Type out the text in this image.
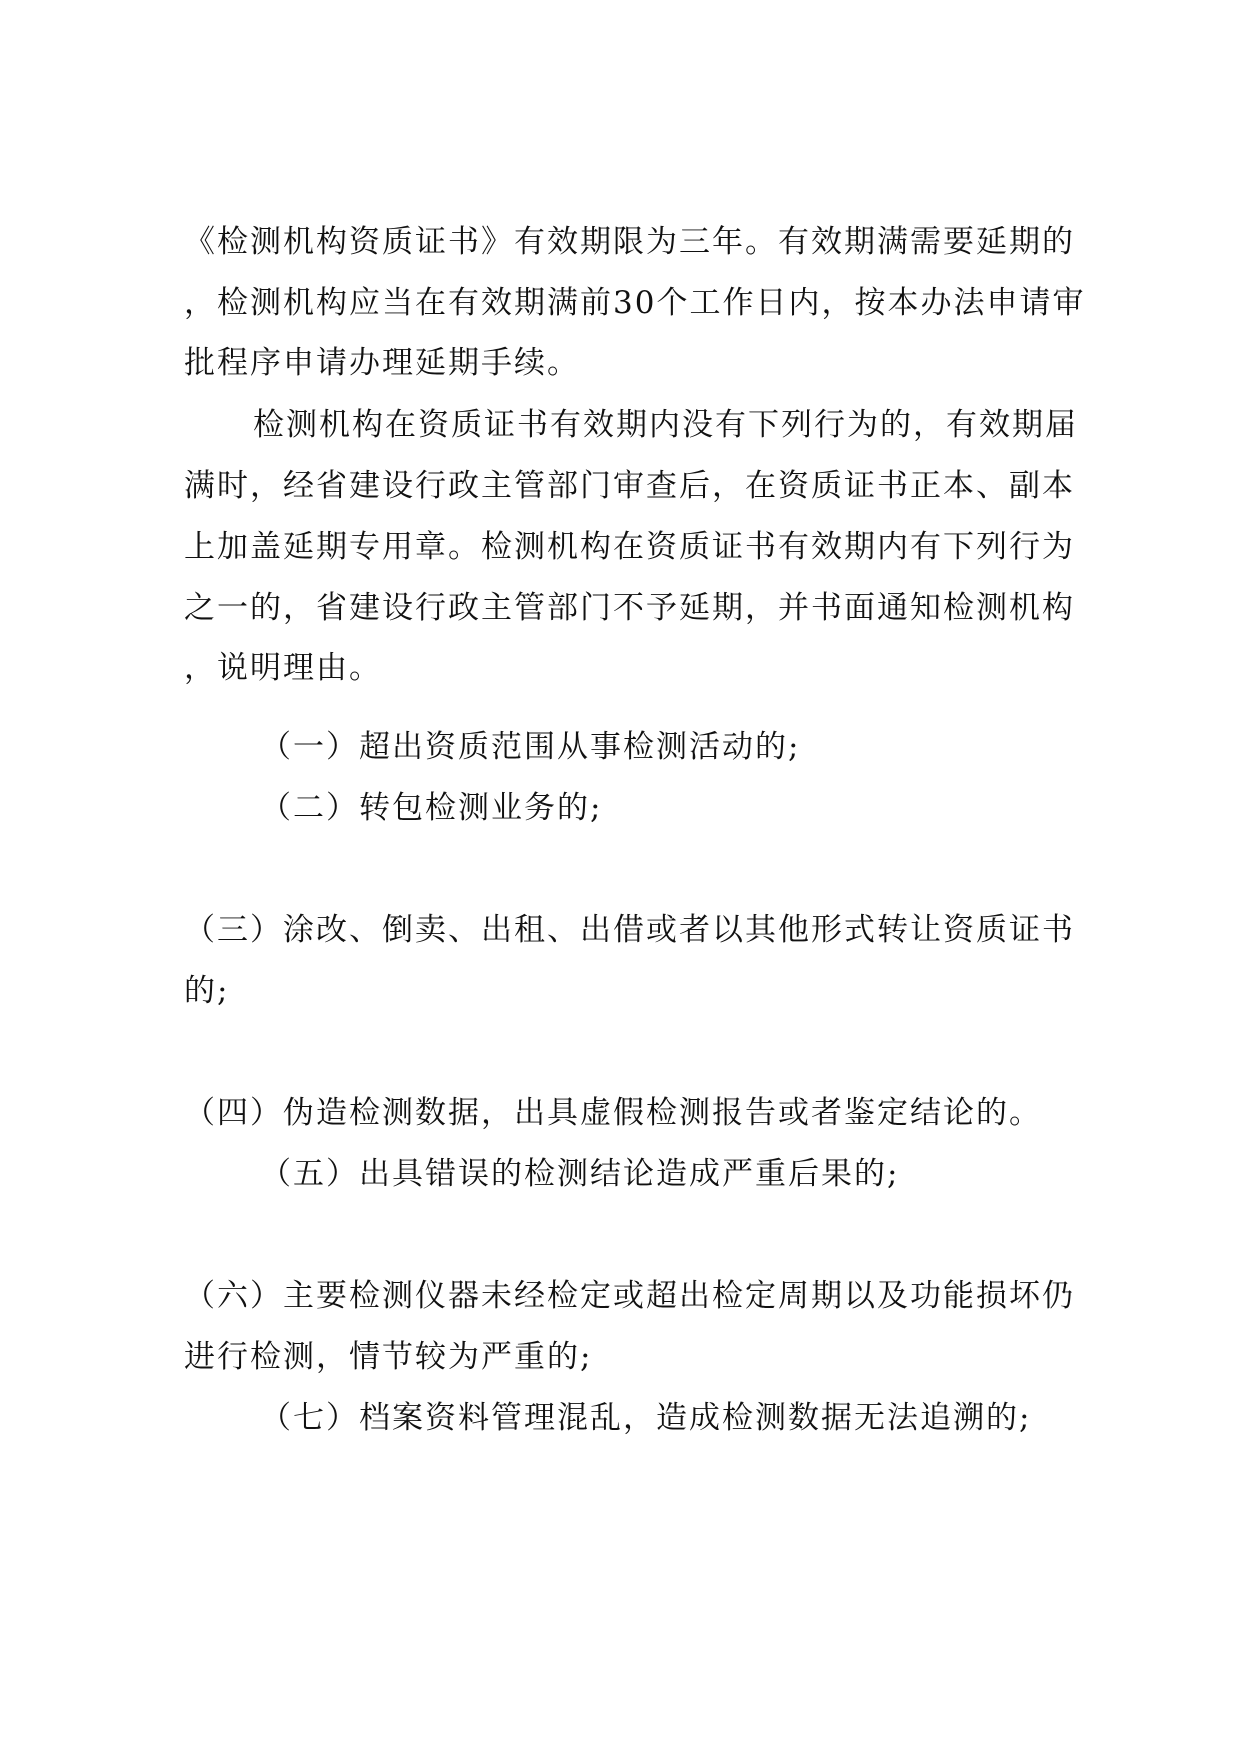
《检测机构资质证书》有效期限为三年。有效期满需要延期的
，检测机构应当在有效期满前30个工作日内，按本办法申请审
批程序申请办理延期手续。
检测机构在资质证书有效期内没有下列行为的，有效期届
满时，经省建设行政主管部门审查后，在资质证书正本、副本
上加盖延期专用章。检测机构在资质证书有效期内有下列行为
之一的，省建设行政主管部门不予延期，并书面通知检测机构
，说明理由。
（一）超出资质范围从事检测活动的;
（二）转包检测业务的;
（三）涂改、倒卖、出租、出借或者以其他形式转让资质证书
的;
（四）伪造检测数据，出具虚假检测报告或者鉴定结论的。
（五）出具错误的检测结论造成严重后果的;
（六）主要检测仪器未经检定或超出检定周期以及功能损坏仍
进行检测，情节较为严重的;
（七）档案资料管理混乱，造成检测数据无法追溯的;
